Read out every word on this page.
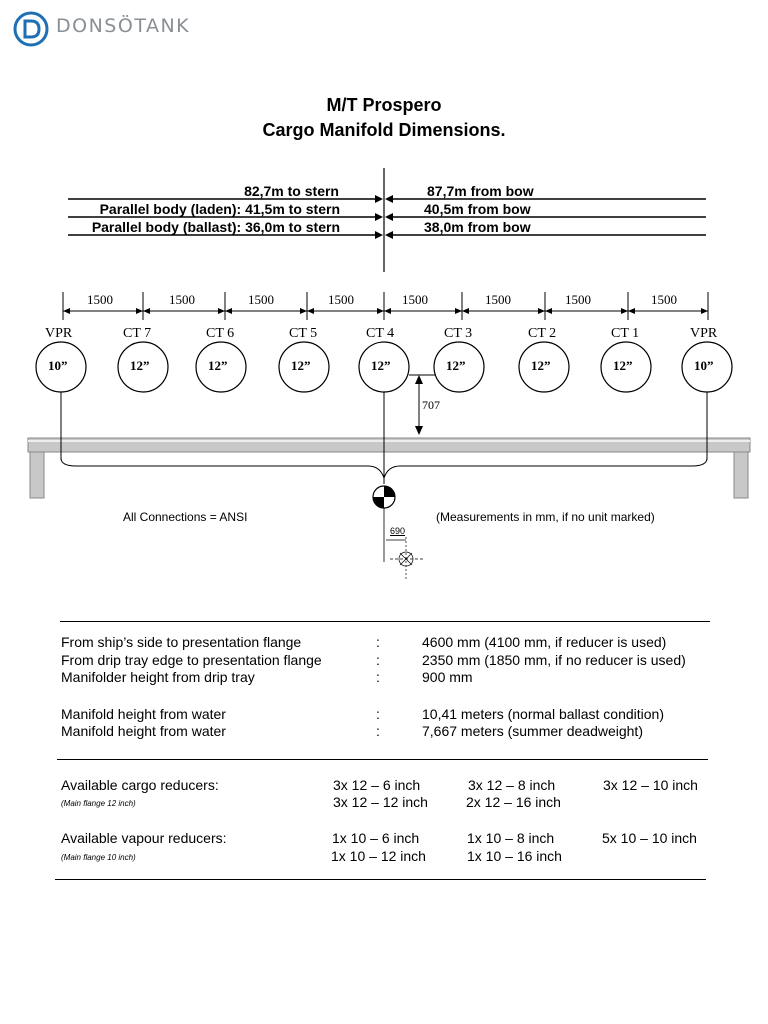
DONSÖTANK
M/T Prospero
Cargo Manifold Dimensions.
82,7m to stern	87,7m from bow
Parallel body (laden): 41,5m to stern	40,5m from bow
Parallel body (ballast): 36,0m to stern	38,0m from bow
1500	1500	1500	1500	1500	1500	1500	1500
VPR	CT 7	CT 6	CT 5	CT 4	CT 3	CT 2	CT 1	VPR
10”	12”	12”	12”	12”	12”	12”	12”	10”
707
690
All Connections = ANSI	(Measurements in mm, if no unit marked)
From ship’s side to presentation flange	:	4600 mm (4100 mm, if reducer is used)
From drip tray edge to presentation flange	:	2350 mm (1850 mm, if no reducer is used)
Manifolder height from drip tray	:	900 mm
Manifold height from water	:	10,41 meters (normal ballast condition)
Manifold height from water	:	7,667 meters (summer deadweight)
Available cargo reducers:
(Main flange 12 inch)
3x 12 – 6 inch	3x 12 – 8 inch	3x 12 – 10 inch
3x 12 – 12 inch	2x 12 – 16 inch
Available vapour reducers:
(Main flange 10 inch)
1x 10 – 6 inch	1x 10 – 8 inch	5x 10 – 10 inch
1x 10 – 12 inch	1x 10 – 16 inch
